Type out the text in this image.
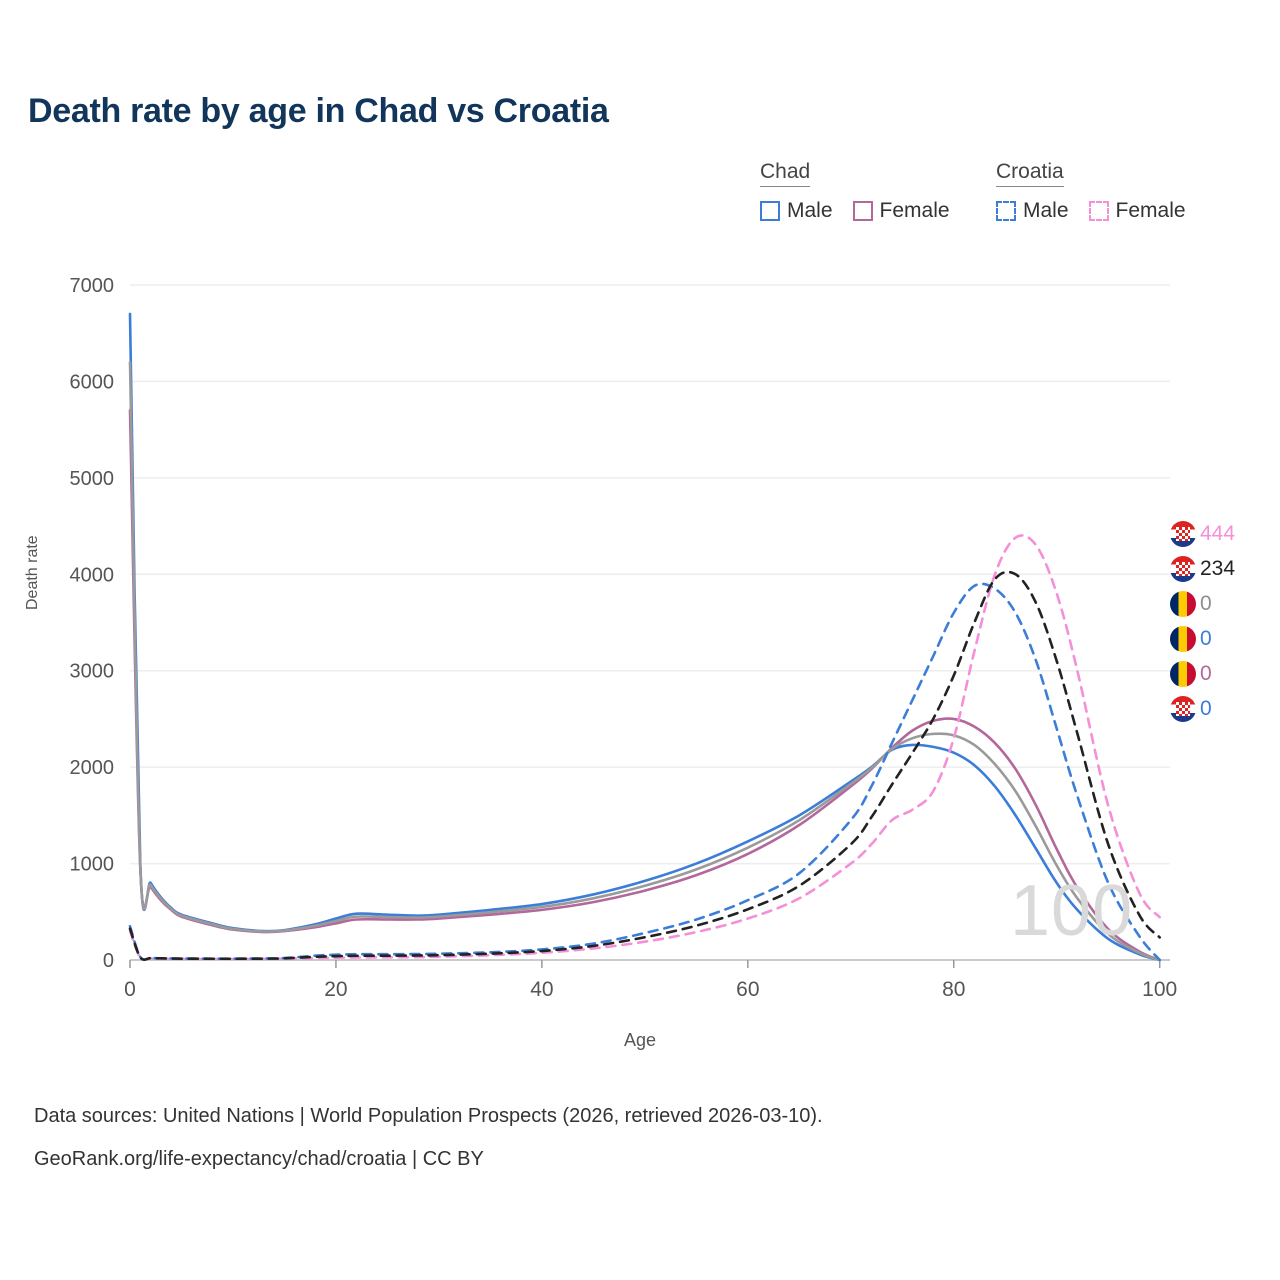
Death rate by age in Chad vs Croatia
Chad
Male Female
Croatia
Male Female
0
1000
2000
3000
4000
5000
6000
7000
0	20	40	60	80	100
Death rate
Age
100
444
234
0
0
0
0
Data sources: United Nations | World Population Prospects (2026, retrieved 2026-03-10).
GeoRank.org/life-expectancy/chad/croatia | CC BY
